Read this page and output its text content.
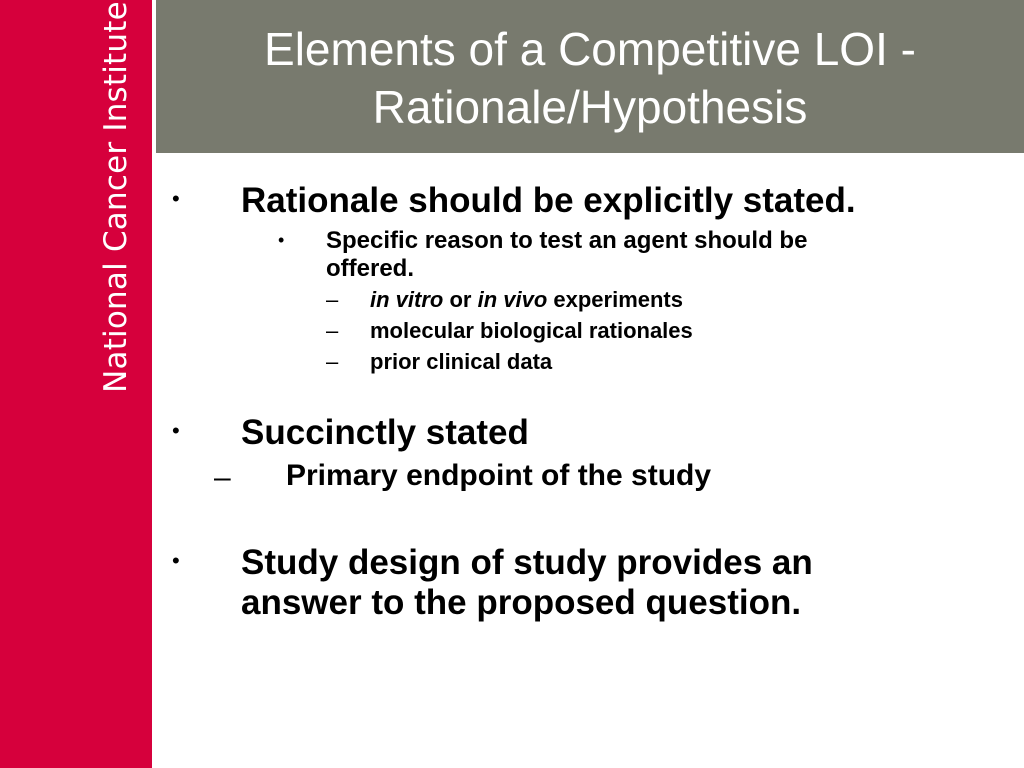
National Cancer Institute	Elements of a Competitive LOI -
Rationale/Hypothesis
• Rationale should be explicitly stated.
• Specific reason to test an agent should be
offered.
– in vitro or in vivo experiments
– molecular biological rationales
– prior clinical data
• Succinctly stated
– Primary endpoint of the study
• Study design of study provides an
answer to the proposed question.
